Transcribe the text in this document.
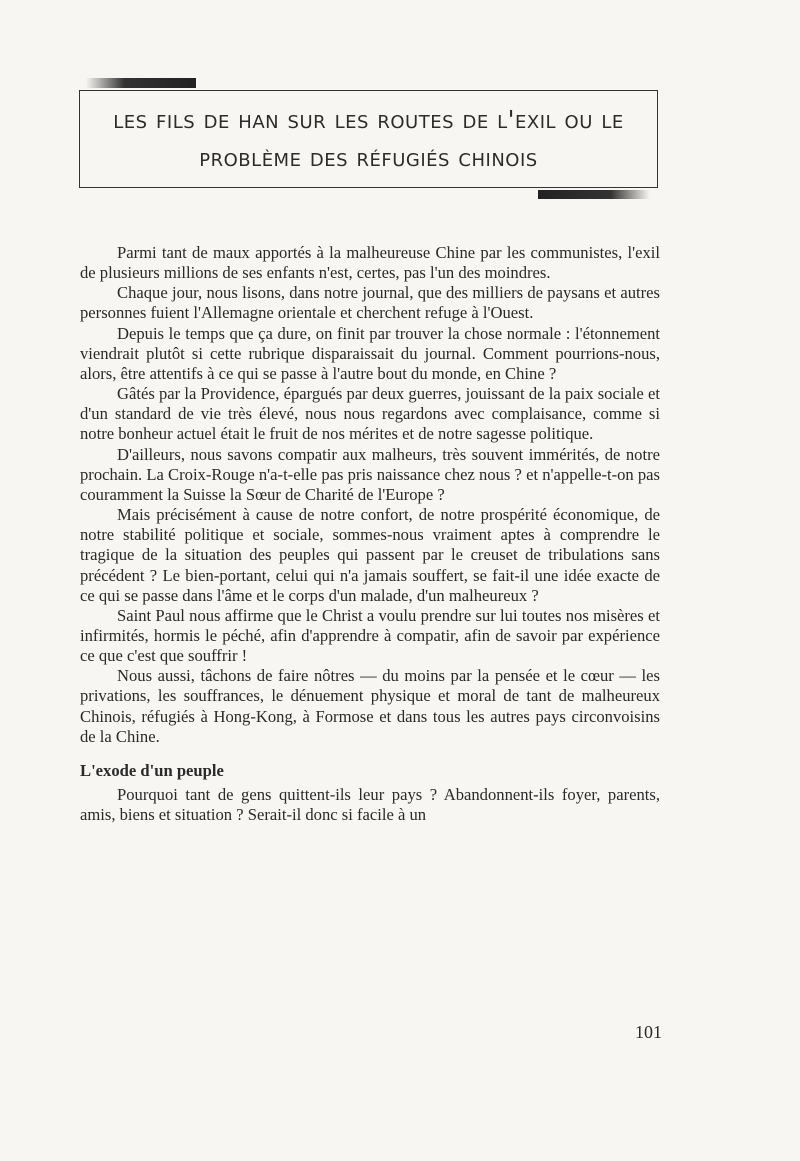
les fils de han sur les routes de l'exil ou le
problème des réfugiés chinois

Parmi tant de maux apportés à la malheureuse Chine par les communistes, l'exil de plusieurs millions de ses enfants n'est, certes, pas l'un des moindres.

Chaque jour, nous lisons, dans notre journal, que des milliers de paysans et autres personnes fuient l'Allemagne orientale et cherchent refuge à l'Ouest.

Depuis le temps que ça dure, on finit par trouver la chose normale : l'étonnement viendrait plutôt si cette rubrique disparaissait du journal. Comment pourrions-nous, alors, être attentifs à ce qui se passe à l'autre bout du monde, en Chine ?

Gâtés par la Providence, épargués par deux guerres, jouissant de la paix sociale et d'un standard de vie très élevé, nous nous regardons avec complaisance, comme si notre bonheur actuel était le fruit de nos mérites et de notre sagesse politique.

D'ailleurs, nous savons compatir aux malheurs, très souvent immérités, de notre prochain. La Croix-Rouge n'a-t-elle pas pris naissance chez nous ? et n'appelle-t-on pas couramment la Suisse la Sœur de Charité de l'Europe ?

Mais précisément à cause de notre confort, de notre prospérité économique, de notre stabilité politique et sociale, sommes-nous vraiment aptes à comprendre le tragique de la situation des peuples qui passent par le creuset de tribulations sans précédent ? Le bien-portant, celui qui n'a jamais souffert, se fait-il une idée exacte de ce qui se passe dans l'âme et le corps d'un malade, d'un malheureux ?

Saint Paul nous affirme que le Christ a voulu prendre sur lui toutes nos misères et infirmités, hormis le péché, afin d'apprendre à compatir, afin de savoir par expérience ce que c'est que souffrir !

Nous aussi, tâchons de faire nôtres — du moins par la pensée et le cœur — les privations, les souffrances, le dénuement physique et moral de tant de malheureux Chinois, réfugiés à Hong-Kong, à Formose et dans tous les autres pays circonvoisins de la Chine.

L'exode d'un peuple

Pourquoi tant de gens quittent-ils leur pays ? Abandonnent-ils foyer, parents, amis, biens et situation ? Serait-il donc si facile à un

101
